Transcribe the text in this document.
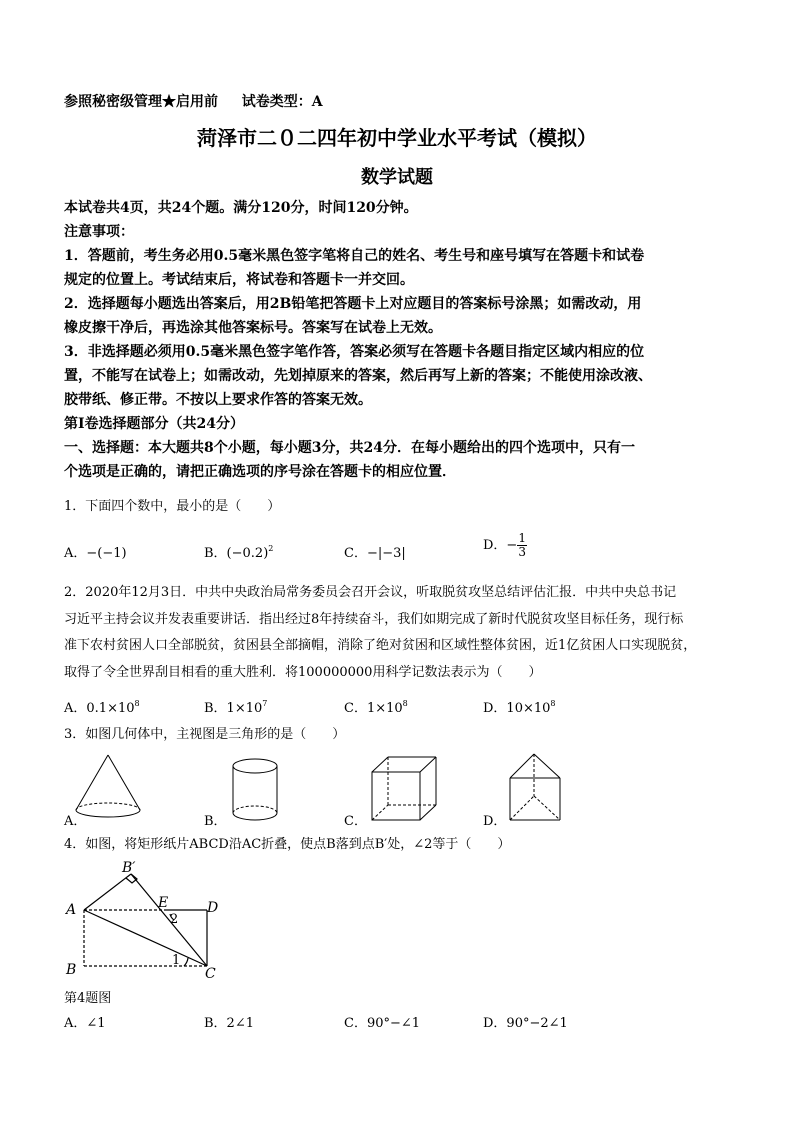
参照秘密级管理★启用前 试卷类型：A
菏泽市二０二四年初中学业水平考试（模拟）
数学试题
本试卷共4页，共24个题。满分120分，时间120分钟。
注意事项：
1．答题前，考生务必用0.5毫米黑色签字笔将自己的姓名、考生号和座号填写在答题卡和试卷
规定的位置上。考试结束后，将试卷和答题卡一并交回。
2．选择题每小题选出答案后，用2B铅笔把答题卡上对应题目的答案标号涂黑；如需改动，用
橡皮擦干净后，再选涂其他答案标号。答案写在试卷上无效。
3．非选择题必须用0.5毫米黑色签字笔作答，答案必须写在答题卡各题目指定区域内相应的位
置，不能写在试卷上；如需改动，先划掉原来的答案，然后再写上新的答案；不能使用涂改液、
胶带纸、修正带。不按以上要求作答的答案无效。
第Ⅰ卷选择题部分（共24分）
一、选择题：本大题共8个小题，每小题3分，共24分．在每小题给出的四个选项中，只有一
个选项是正确的，请把正确选项的序号涂在答题卡的相应位置．
1．下面四个数中，最小的是（　　）
A．−(−1)	B．$(-0.2)^2$	C．−|−3|
D．− $\frac{1}{3}$
2．2020年12月3日．中共中央政治局常务委员会召开会议，听取脱贫攻坚总结评估汇报．中共中央总书记
习近平主持会议并发表重要讲话．指出经过8年持续奋斗，我们如期完成了新时代脱贫攻坚目标任务，现行标
准下农村贫困人口全部脱贫，贫困县全部摘帽，消除了绝对贫困和区域性整体贫困，近1亿贫困人口实现脱贫，
取得了令全世界刮目相看的重大胜利．将100000000用科学记数法表示为（　　）
A．$0.1\times 10^8$	B．$1\times 10^7$	C．$1\times 10^8$	D．$10\times 10^8$
3．如图几何体中，主视图是三角形的是（　　）
A．	B．	C．	D．
4．如图，将矩形纸片ABCD沿AC折叠，使点B落到点B′处，∠2等于（　　）
A
B	C
D
B′
E
2
1
第4题图
A．∠1	B．2∠1	C．90°−∠1	D．90°−2∠1
